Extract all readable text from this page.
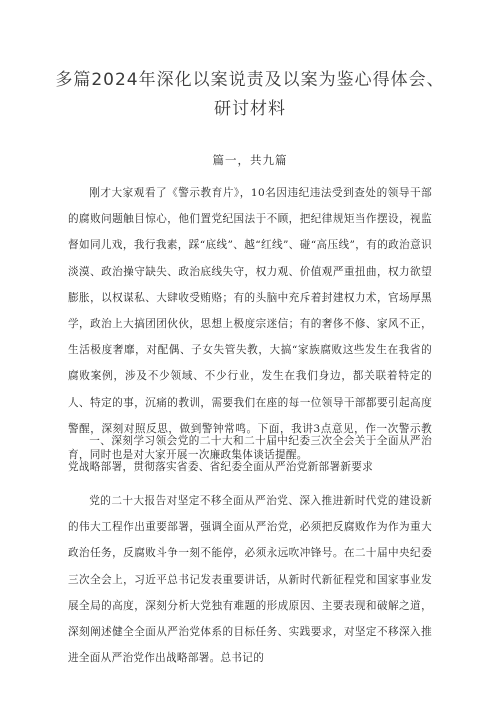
多篇2024年深化以案说责及以案为鉴心得体会、研讨材料
篇一，共九篇

刚才大家观看了《警示教育片》，10名因违纪违法受到查处的领导干部的腐败问题触目惊心，他们置党纪国法于不顾，把纪律规矩当作摆设，视监督如同儿戏，我行我素，踩“底线”、越“红线”、碰“高压线”，有的政治意识淡漠、政治操守缺失、政治底线失守，权力观、价值观严重扭曲，权力欲望膨胀，以权谋私、大肆收受贿赂；有的头脑中充斥着封建权力术，官场厚黑学，政治上大搞团团伙伙，思想上极度宗迷信；有的奢侈不修、家风不正，生活极度奢靡，对配偶、子女失管失教，大搞“家族腐败这些发生在我省的腐败案例，涉及不少领域、不少行业，发生在我们身边，都关联着特定的人、特定的事，沉痛的教训，需要我们在座的每一位领导干部都要引起高度警醒，深刻对照反思，做到警钟常鸣。下面，我讲3点意见，作一次警示教育，同时也是对大家开展一次廉政集体谈话提醒。

一、深刻学习领会党的二十大和二十届中纪委三次全会关于全面从严治党战略部署，贯彻落实省委、省纪委全面从严治党新部署新要求

党的二十大报告对坚定不移全面从严治党、深入推进新时代党的建设新的伟大工程作出重要部署，强调全面从严治党，必须把反腐败作为作为重大政治任务，反腐败斗争一刻不能停，必须永远吹冲锋号。在二十届中央纪委三次全会上，习近平总书记发表重要讲话，从新时代新征程党和国家事业发展全局的高度，深刻分析大党独有难题的形成原因、主要表现和破解之道，深刻阐述健全全面从严治党体系的目标任务、实践要求，对坚定不移深入推进全面从严治党作出战略部署。总书记的
